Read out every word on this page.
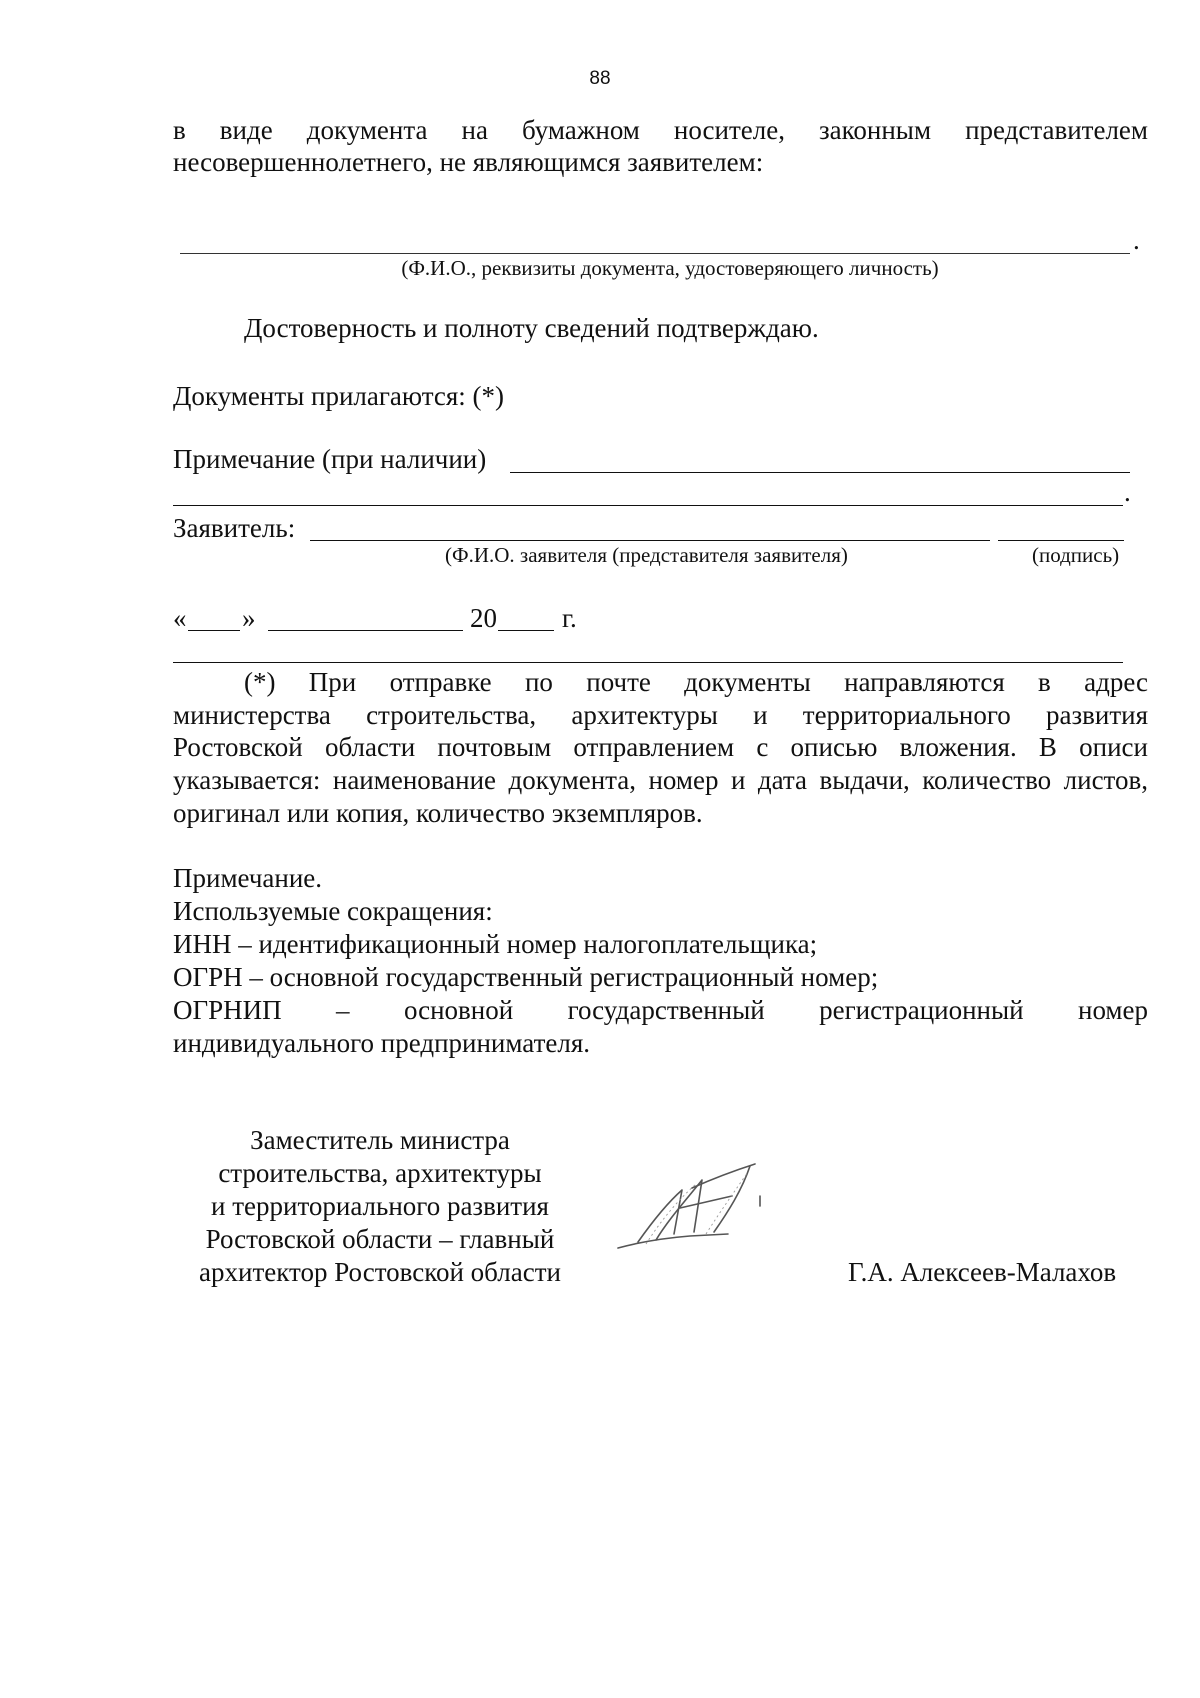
88
в виде документа на бумажном носителе, законным представителем
несовершеннолетнего, не являющимся заявителем:
.
(Ф.И.О., реквизиты документа, удостоверяющего личность)
Достоверность и полноту сведений подтверждаю.
Документы прилагаются: (*)
Примечание (при наличии)
.
Заявитель:
(Ф.И.О. заявителя (представителя заявителя)	(подпись)
« »	20 г.
(*) При отправке по почте документы направляются в адрес
министерства строительства, архитектуры и территориального развития
Ростовской области почтовым отправлением с описью вложения. В описи
указывается: наименование документа, номер и дата выдачи, количество листов,
оригинал или копия, количество экземпляров.
Примечание.
Используемые сокращения:
ИНН – идентификационный номер налогоплательщика;
ОГРН – основной государственный регистрационный номер;
ОГРНИП – основной государственный регистрационный номер
индивидуального предпринимателя.
Заместитель министра
строительства, архитектуры
и территориального развития
Ростовской области – главный
архитектор Ростовской области	Г.А. Алексеев-Малахов
